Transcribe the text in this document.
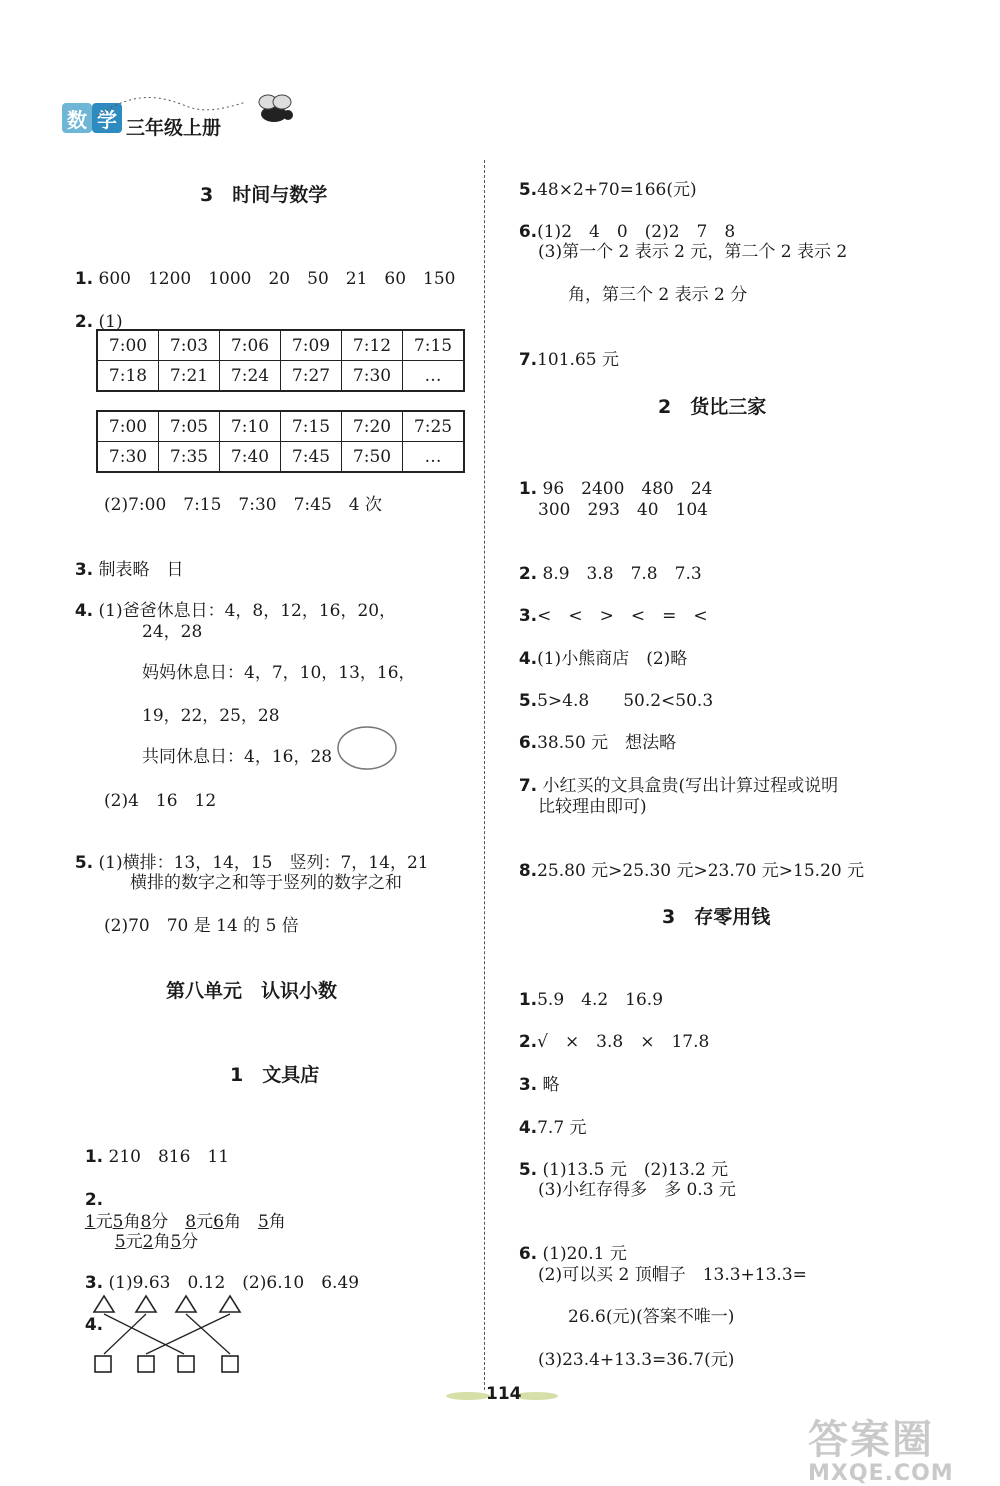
数 学 三年级上册
3　时间与数学

1. 600　1200　1000　20　50　21　60　150

2. (1)

7:00	7:03	7:06	7:09	7:12	7:15
7:18	7:21	7:24	7:27	7:30	…
7:00	7:05	7:10	7:15	7:20	7:25
7:30	7:35	7:40	7:45	7:50	…
(2)7:00　7:15　7:30　7:45　4 次

3. 制表略　日

4. (1)爸爸休息日：4，8，12，16，20，

24，28
妈妈休息日：4，7，10，13，16，
19，22，25，28
共同休息日：4，16，28
(2)4　16　12

5. (1)横排：13，14，15　竖列：7，14，21

横排的数字之和等于竖列的数字之和
(2)70　70 是 14 的 5 倍
第八单元　认识小数
1　文具店

1. 210　816　11

2.
1元5角8分　8元6角　5角

5元2角5分

3. (1)9.63　0.12　(2)6.10　6.49

4.

5.48×2+70=166(元)

6.(1)2　4　0　(2)2　7　8

(3)第一个 2 表示 2 元，第二个 2 表示 2
角，第三个 2 表示 2 分

7.101.65 元

2　货比三家

1. 96　2400　480　24

300　293　40　104

2. 8.9　3.8　7.8　7.3

3.<　<　>　<　=　<

4.(1)小熊商店　(2)略

5.5>4.8　　50.2<50.3

6.38.50 元　想法略

7. 小红买的文具盒贵(写出计算过程或说明

比较理由即可)

8.25.80 元>25.30 元>23.70 元>15.20 元

3　存零用钱

1.5.9　4.2　16.9

2.√　×　3.8　×　17.8

3. 略

4.7.7 元

5. (1)13.5 元　(2)13.2 元

(3)小红存得多　多 0.3 元

6. (1)20.1 元

(2)可以买 2 顶帽子　13.3+13.3=
26.6(元)(答案不唯一)
(3)23.4+13.3=36.7(元)
114
答案圈
MXQE.COM
